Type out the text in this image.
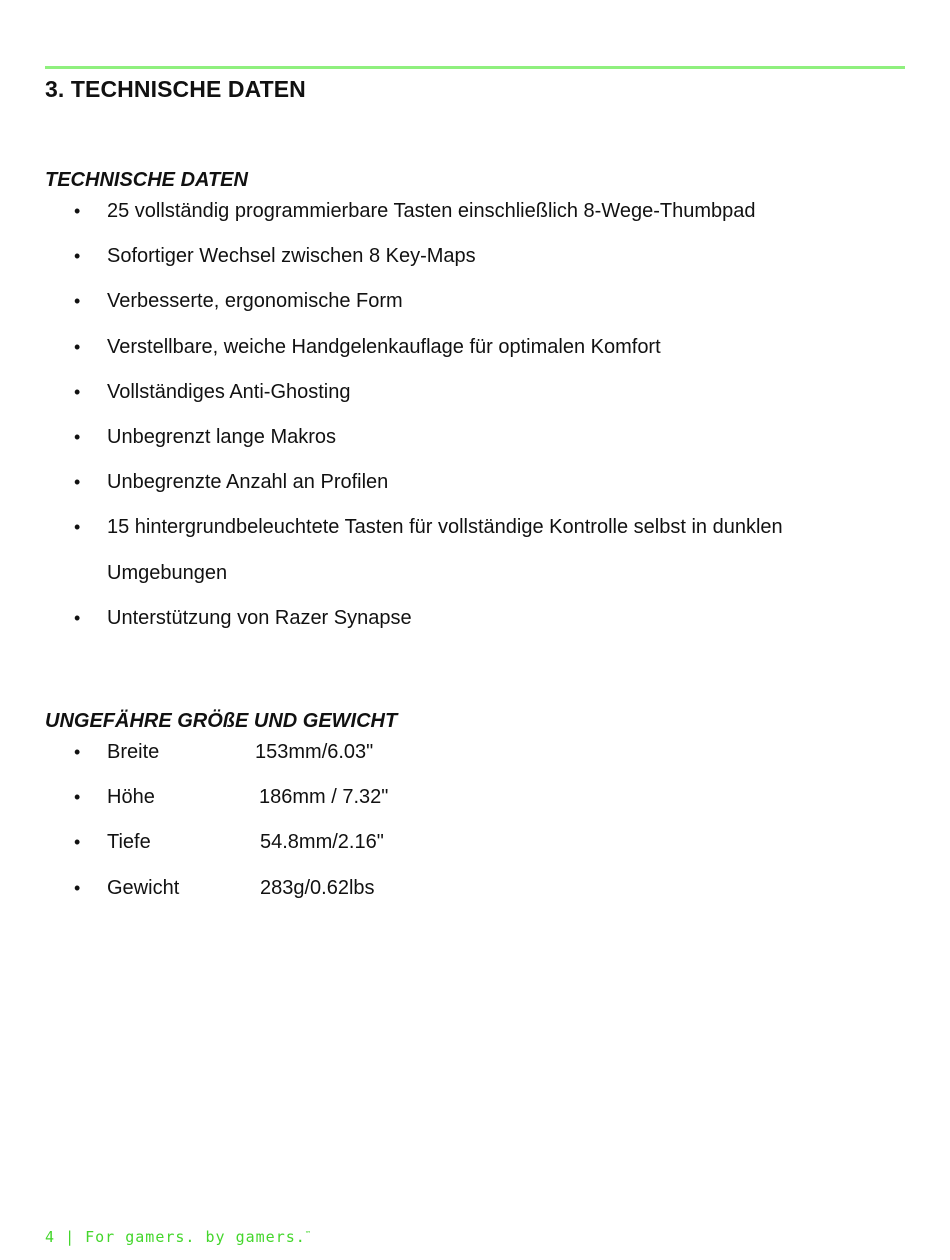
3. TECHNISCHE DATEN
TECHNISCHE DATEN
• 25 vollständig programmierbare Tasten einschließlich 8-Wege-Thumbpad
• Sofortiger Wechsel zwischen 8 Key-Maps
• Verbesserte, ergonomische Form
• Verstellbare, weiche Handgelenkauflage für optimalen Komfort
• Vollständiges Anti-Ghosting
• Unbegrenzt lange Makros
• Unbegrenzte Anzahl an Profilen
• 15 hintergrundbeleuchtete Tasten für vollständige Kontrolle selbst in dunklen Umgebungen
• Unterstützung von Razer Synapse
UNGEFÄHRE GRÖßE UND GEWICHT
• Breite	153mm/6.03"
• Höhe	186mm / 7.32"
• Tiefe	54.8mm/2.16"
• Gewicht	283g/0.62lbs
4 | For gamers. by gamers.™
